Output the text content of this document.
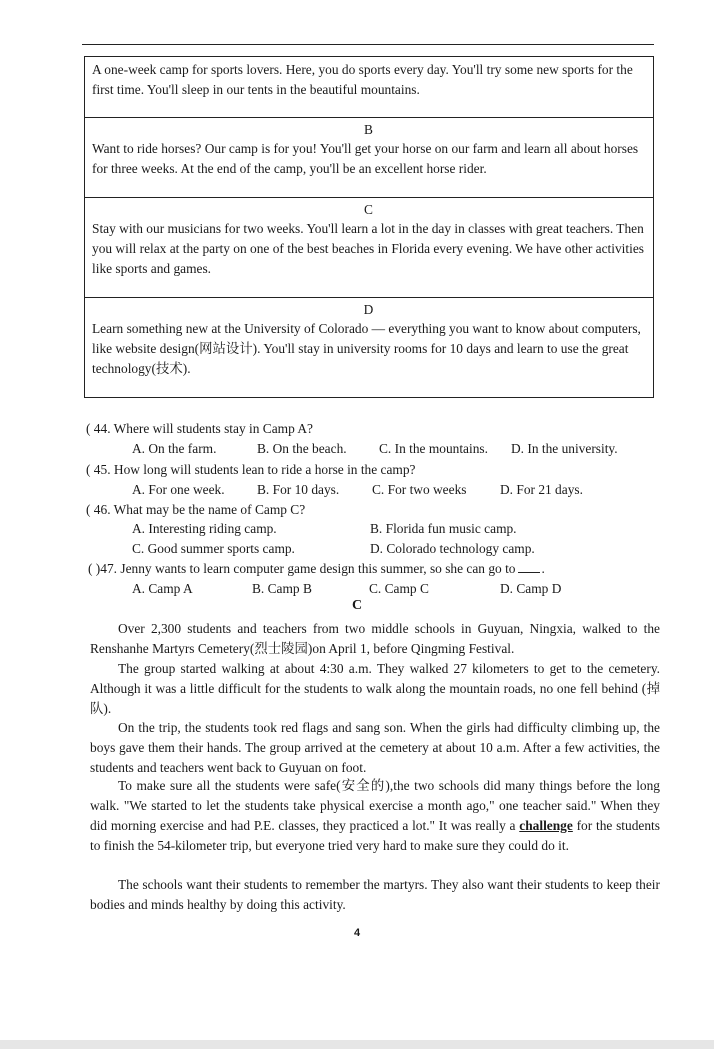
A one-week camp for sports lovers. Here, you do sports every day. You'll try some new sports for the first time. You'll sleep in our tents in the beautiful mountains.
B
Want to ride horses? Our camp is for you! You'll get your horse on our farm and learn all about horses for three weeks. At the end of the camp, you'll be an excellent horse rider.
C
Stay with our musicians for two weeks. You'll learn a lot in the day in classes with great teachers. Then you will relax at the party on one of the best beaches in Florida every evening. We have other activities like sports and games.
D
Learn something new at the University of Colorado — everything you want to know about computers, like website design(网站设计). You'll stay in university rooms for 10 days and learn to use the great technology(技术).
( 44. Where will students stay in Camp A?
A. On the farm.	B. On the beach. C. In the mountains. D. In the university.
( 45. How long will students lean to ride a horse in the camp?
A. For one week. B. For 10 days. C. For two weeks	D. For 21 days.
( 46. What may be the name of Camp C?
A. Interesting riding camp.	B. Florida fun music camp.
C. Good summer sports camp.	D. Colorado technology camp.
( )47. Jenny wants to learn computer game design this summer, so she can go to .
A. Camp A	B. Camp B	C. Camp C	D. Camp D
C
Over 2,300 students and teachers from two middle schools in Guyuan, Ningxia, walked to the Renshanhe Martyrs Cemetery(烈士陵园)on April 1, before Qingming Festival.
The group started walking at about 4:30 a.m. They walked 27 kilometers to get to the cemetery. Although it was a little difficult for the students to walk along the mountain roads, no one fell behind (掉队).
On the trip, the students took red flags and sang son. When the girls had difficulty climbing up, the boys gave them their hands. The group arrived at the cemetery at about 10 a.m. After a few activities, the students and teachers went back to Guyuan on foot.
To make sure all the students were safe(安全的),the two schools did many things before the long walk. "We started to let the students take physical exercise a month ago," one teacher said." When they did morning exercise and had P.E. classes, they practiced a lot." It was really a challenge for the students to finish the 54-kilometer trip, but everyone tried very hard to make sure they could do it.
The schools want their students to remember the martyrs. They also want their students to keep their bodies and minds healthy by doing this activity.
4
